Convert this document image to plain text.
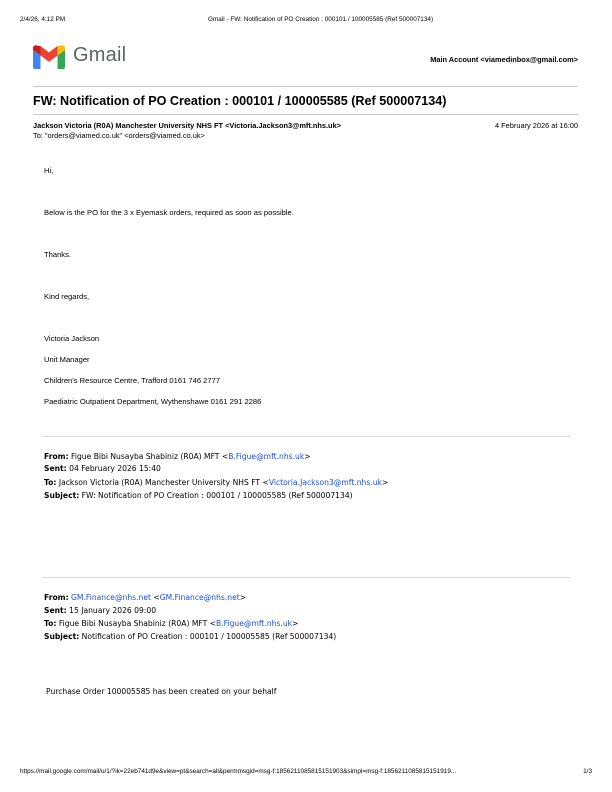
2/4/26, 4:12 PM	Gmail - FW: Notification of PO Creation : 000101 / 100005585 (Ref 500007134)
Gmail	Main Account <viamedinbox@gmail.com>
FW: Notification of PO Creation : 000101 / 100005585 (Ref 500007134)
Jackson Victoria (R0A) Manchester University NHS FT <Victoria.Jackson3@mft.nhs.uk>	4 February 2026 at 16:00
To: "orders@viamed.co.uk" <orders@viamed.co.uk>
Hi,
Below is the PO for the 3 x Eyemask orders, required as soon as possible.
Thanks.
Kind regards,
Victoria Jackson
Unit Manager
Children's Resource Centre, Trafford 0161 746 2777
Paediatric Outpatient Department, Wythenshawe 0161 291 2286
From: Figue Bibi Nusayba Shabiniz (R0A) MFT <B.Figue@mft.nhs.uk>
Sent: 04 February 2026 15:40
To: Jackson Victoria (R0A) Manchester University NHS FT <Victoria.Jackson3@mft.nhs.uk>
Subject: FW: Notification of PO Creation : 000101 / 100005585 (Ref 500007134)
From: GM.Finance@nhs.net <GM.Finance@nhs.net>
Sent: 15 January 2026 09:00
To: Figue Bibi Nusayba Shabiniz (R0A) MFT <B.Figue@mft.nhs.uk>
Subject: Notification of PO Creation : 000101 / 100005585 (Ref 500007134)
Purchase Order 100005585 has been created on your behalf
https://mail.google.com/mail/u/1/?ik=22eb741d9e&view=pt&search=all&permmsgid=msg-f:1856211085815151903&simpl=msg-f:1856211085815151919...	1/3
